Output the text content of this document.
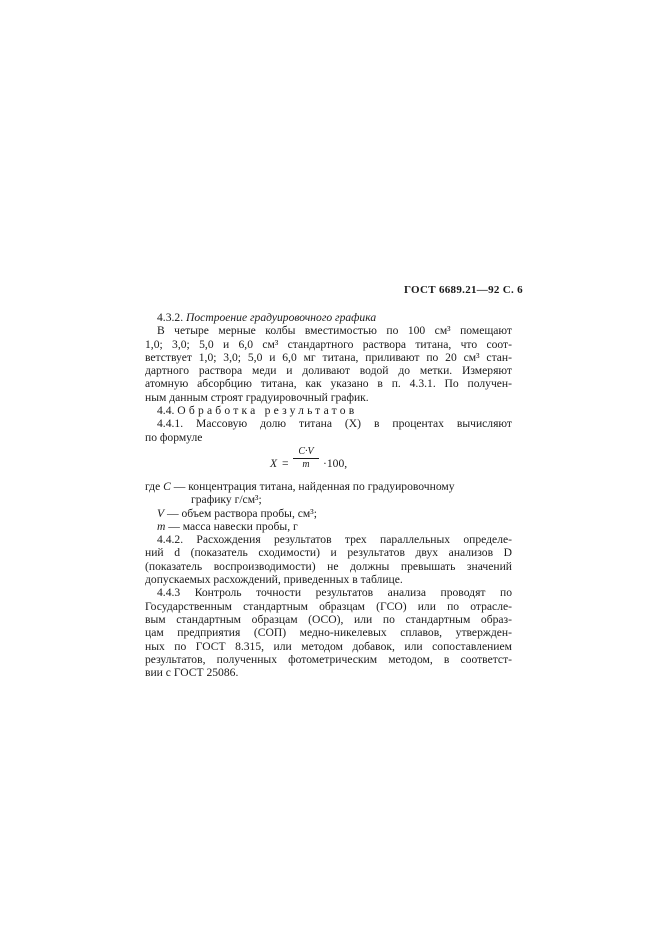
ГОСТ 6689.21—92 С. 6
4.3.2. Построение градуировочного графика
В четыре мерные колбы вместимостью по 100 см³ помещают
1,0; 3,0; 5,0 и 6,0 см³ стандартного раствора титана, что соот-
ветствует 1,0; 3,0; 5,0 и 6,0 мг титана, приливают по 20 см³ стан-
дартного раствора меди и доливают водой до метки. Измеряют
атомную абсорбцию титана, как указано в п. 4.3.1. По получен-
ным данным строят градуировочный график.
4.4. Обработка результатов
4.4.1. Массовую долю титана (X) в процентах вычисляют
по формуле
$X = \frac{C\cdot V}{m} \cdot 100$,
где C — концентрация титана, найденная по градуировочному
графику г/см³;
V — объем раствора пробы, см³;
m — масса навески пробы, г
4.4.2. Расхождения результатов трех параллельных определе-
ний d (показатель сходимости) и результатов двух анализов D
(показатель воспроизводимости) не должны превышать значений
допускаемых расхождений, приведенных в таблице.
4.4.3 Контроль точности результатов анализа проводят по
Государственным стандартным образцам (ГСО) или по отрасле-
вым стандартным образцам (ОСО), или по стандартным образ-
цам предприятия (СОП) медно-никелевых сплавов, утвержден-
ных по ГОСТ 8.315, или методом добавок, или сопоставлением
результатов, полученных фотометрическим методом, в соответст-
вии с ГОСТ 25086.
